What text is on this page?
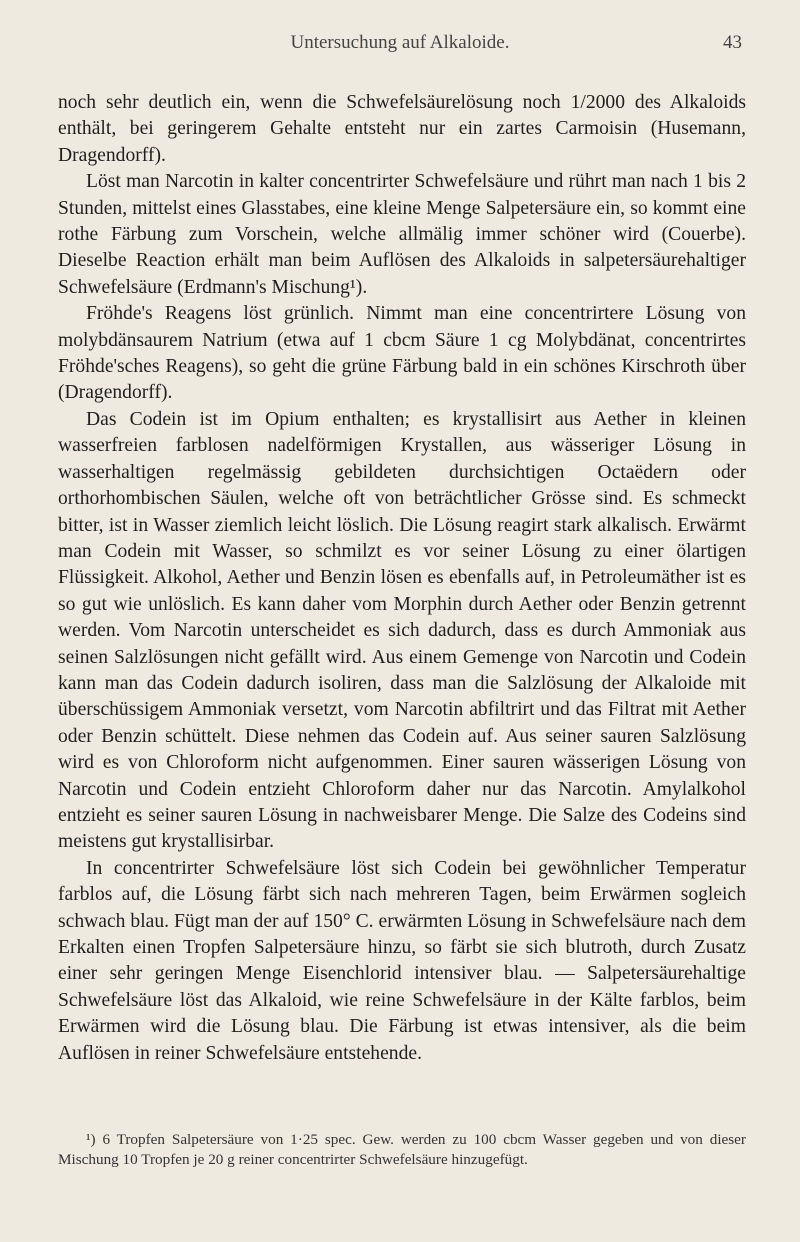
Untersuchung auf Alkaloide.	43

noch sehr deutlich ein, wenn die Schwefelsäurelösung noch 1/2000 des Alkaloids enthält, bei geringerem Gehalte entsteht nur ein zartes Carmoisin (Husemann, Dragendorff).

Löst man Narcotin in kalter concentrirter Schwefelsäure und rührt man nach 1 bis 2 Stunden, mittelst eines Glasstabes, eine kleine Menge Salpetersäure ein, so kommt eine rothe Färbung zum Vorschein, welche allmälig immer schöner wird (Couerbe). Dieselbe Reaction erhält man beim Auflösen des Alkaloids in salpetersäurehaltiger Schwefelsäure (Erdmann's Mischung¹).

Fröhde's Reagens löst grünlich. Nimmt man eine concentrirtere Lösung von molybdänsaurem Natrium (etwa auf 1 cbcm Säure 1 cg Molybdänat, concentrirtes Fröhde'sches Reagens), so geht die grüne Färbung bald in ein schönes Kirschroth über (Dragendorff).

Das Codein ist im Opium enthalten; es krystallisirt aus Aether in kleinen wasserfreien farblosen nadelförmigen Krystallen, aus wässeriger Lösung in wasserhaltigen regelmässig gebildeten durchsichtigen Octaëdern oder orthorhombischen Säulen, welche oft von beträchtlicher Grösse sind. Es schmeckt bitter, ist in Wasser ziemlich leicht löslich. Die Lösung reagirt stark alkalisch. Erwärmt man Codein mit Wasser, so schmilzt es vor seiner Lösung zu einer ölartigen Flüssigkeit. Alkohol, Aether und Benzin lösen es ebenfalls auf, in Petroleumäther ist es so gut wie unlöslich. Es kann daher vom Morphin durch Aether oder Benzin getrennt werden. Vom Narcotin unterscheidet es sich dadurch, dass es durch Ammoniak aus seinen Salzlösungen nicht gefällt wird. Aus einem Gemenge von Narcotin und Codein kann man das Codein dadurch isoliren, dass man die Salzlösung der Alkaloide mit überschüssigem Ammoniak versetzt, vom Narcotin abfiltrirt und das Filtrat mit Aether oder Benzin schüttelt. Diese nehmen das Codein auf. Aus seiner sauren Salzlösung wird es von Chloroform nicht aufgenommen. Einer sauren wässerigen Lösung von Narcotin und Codein entzieht Chloroform daher nur das Narcotin. Amylalkohol entzieht es seiner sauren Lösung in nachweisbarer Menge. Die Salze des Codeins sind meistens gut krystallisirbar.

In concentrirter Schwefelsäure löst sich Codein bei gewöhnlicher Temperatur farblos auf, die Lösung färbt sich nach mehreren Tagen, beim Erwärmen sogleich schwach blau. Fügt man der auf 150° C. erwärmten Lösung in Schwefelsäure nach dem Erkalten einen Tropfen Salpetersäure hinzu, so färbt sie sich blutroth, durch Zusatz einer sehr geringen Menge Eisenchlorid intensiver blau. — Salpetersäurehaltige Schwefelsäure löst das Alkaloid, wie reine Schwefelsäure in der Kälte farblos, beim Erwärmen wird die Lösung blau. Die Färbung ist etwas intensiver, als die beim Auflösen in reiner Schwefelsäure entstehende.

¹) 6 Tropfen Salpetersäure von 1·25 spec. Gew. werden zu 100 cbcm Wasser gegeben und von dieser Mischung 10 Tropfen je 20 g reiner concentrirter Schwefelsäure hinzugefügt.
